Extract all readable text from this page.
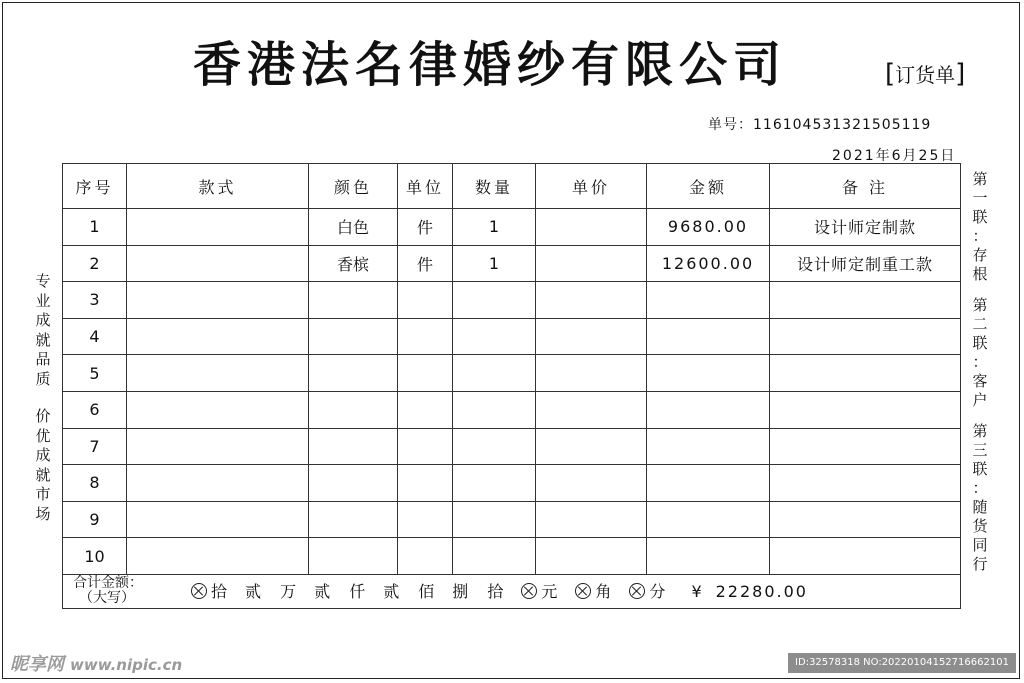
香港法名律婚纱有限公司	[订货单]
单号：11610453132150511​9
2021年6月25日
专
业
成
就
品
质
价
优
成
就
市
场
第
一
联
：
存
根
第
二
联
：
客
户
第
三
联
：
随
货
同
行
序号	款式	颜色	单位	数量	单价	金额	备 注
1		白色	件	1		9680.00	设计师定制款
2		香槟	件	1		12600.00	设计师定制重工款
3							
4							
5							
6							
7							
8							
9							
10							

合计金额：
（大写） 拾 贰 万 贰 仟 贰 佰 捌 拾 元 角 分 ¥ 22280.00							
昵享网 www.nipic.cn	ID:32578318 NO:20220104152716662101
